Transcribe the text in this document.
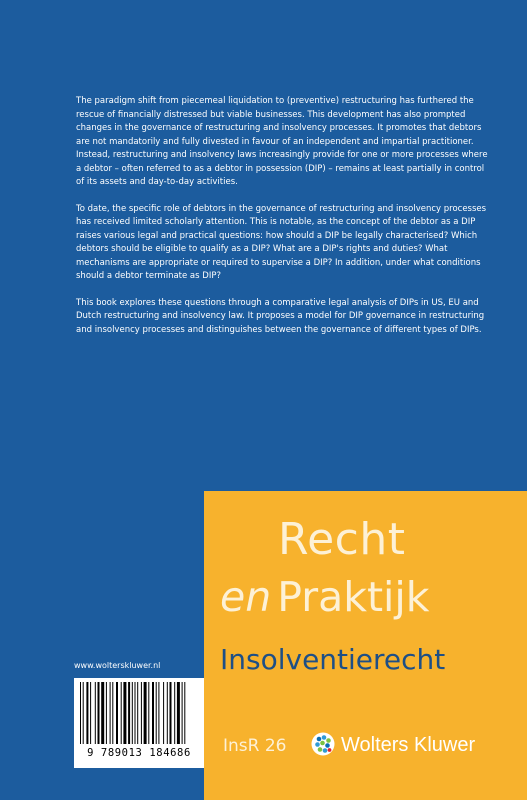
The paradigm shift from piecemeal liquidation to (preventive) restructuring has furthered the rescue of financially distressed but viable businesses. This development has also prompted changes in the governance of restructuring and insolvency processes. It promotes that debtors are not mandatorily and fully divested in favour of an independent and impartial practitioner. Instead, restructuring and insolvency laws increasingly provide for one or more processes where a debtor – often referred to as a debtor in possession (DIP) – remains at least partially in control of its assets and day-to-day activities.

To date, the specific role of debtors in the governance of restructuring and insolvency processes has received limited scholarly attention. This is notable, as the concept of the debtor as a DIP raises various legal and practical questions: how should a DIP be legally characterised? Which debtors should be eligible to qualify as a DIP? What are a DIP's rights and duties? What mechanisms are appropriate or required to supervise a DIP? In addition, under what conditions should a debtor terminate as DIP?

This book explores these questions through a comparative legal analysis of DIPs in US, EU and Dutch restructuring and insolvency law. It proposes a model for DIP governance in restructuring and insolvency processes and distinguishes between the governance of different types of DIPs.

Recht
en Praktijk
Insolventierecht
InsR 26	Wolters Kluwer
www.wolterskluwer.nl
9 789013 184686
